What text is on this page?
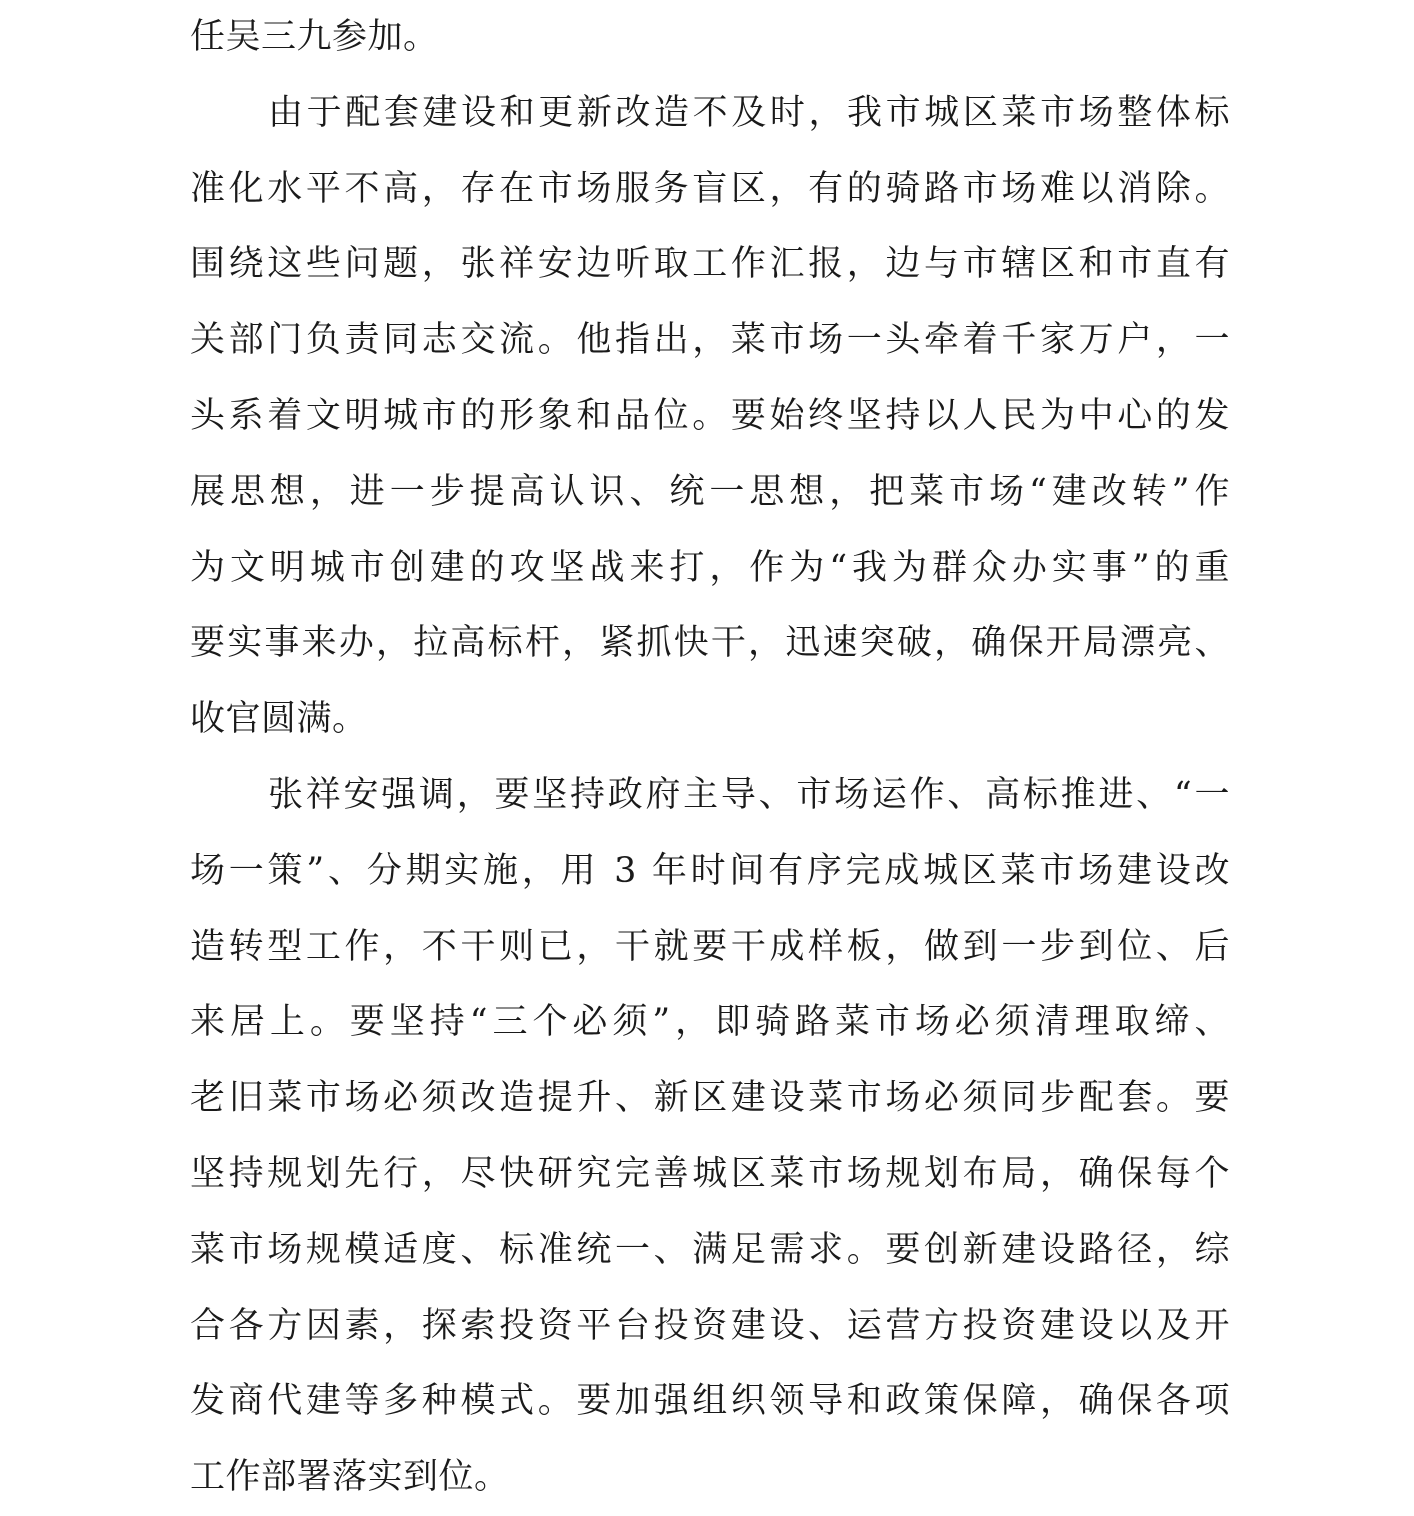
任吴三九参加。
由于配套建设和更新改造不及时，我市城区菜市场整体标
准化水平不高，存在市场服务盲区，有的骑路市场难以消除。
围绕这些问题，张祥安边听取工作汇报，边与市辖区和市直有
关部门负责同志交流。他指出，菜市场一头牵着千家万户，一
头系着文明城市的形象和品位。要始终坚持以人民为中心的发
展思想，进一步提高认识、统一思想，把菜市场“建改转”作
为文明城市创建的攻坚战来打，作为“我为群众办实事”的重
要实事来办，拉高标杆，紧抓快干，迅速突破，确保开局漂亮、
收官圆满。
张祥安强调，要坚持政府主导、市场运作、高标推进、“一
场一策”、分期实施，用 3 年时间有序完成城区菜市场建设改
造转型工作，不干则已，干就要干成样板，做到一步到位、后
来居上。要坚持“三个必须”，即骑路菜市场必须清理取缔、
老旧菜市场必须改造提升、新区建设菜市场必须同步配套。要
坚持规划先行，尽快研究完善城区菜市场规划布局，确保每个
菜市场规模适度、标准统一、满足需求。要创新建设路径，综
合各方因素，探索投资平台投资建设、运营方投资建设以及开
发商代建等多种模式。要加强组织领导和政策保障，确保各项
工作部署落实到位。
